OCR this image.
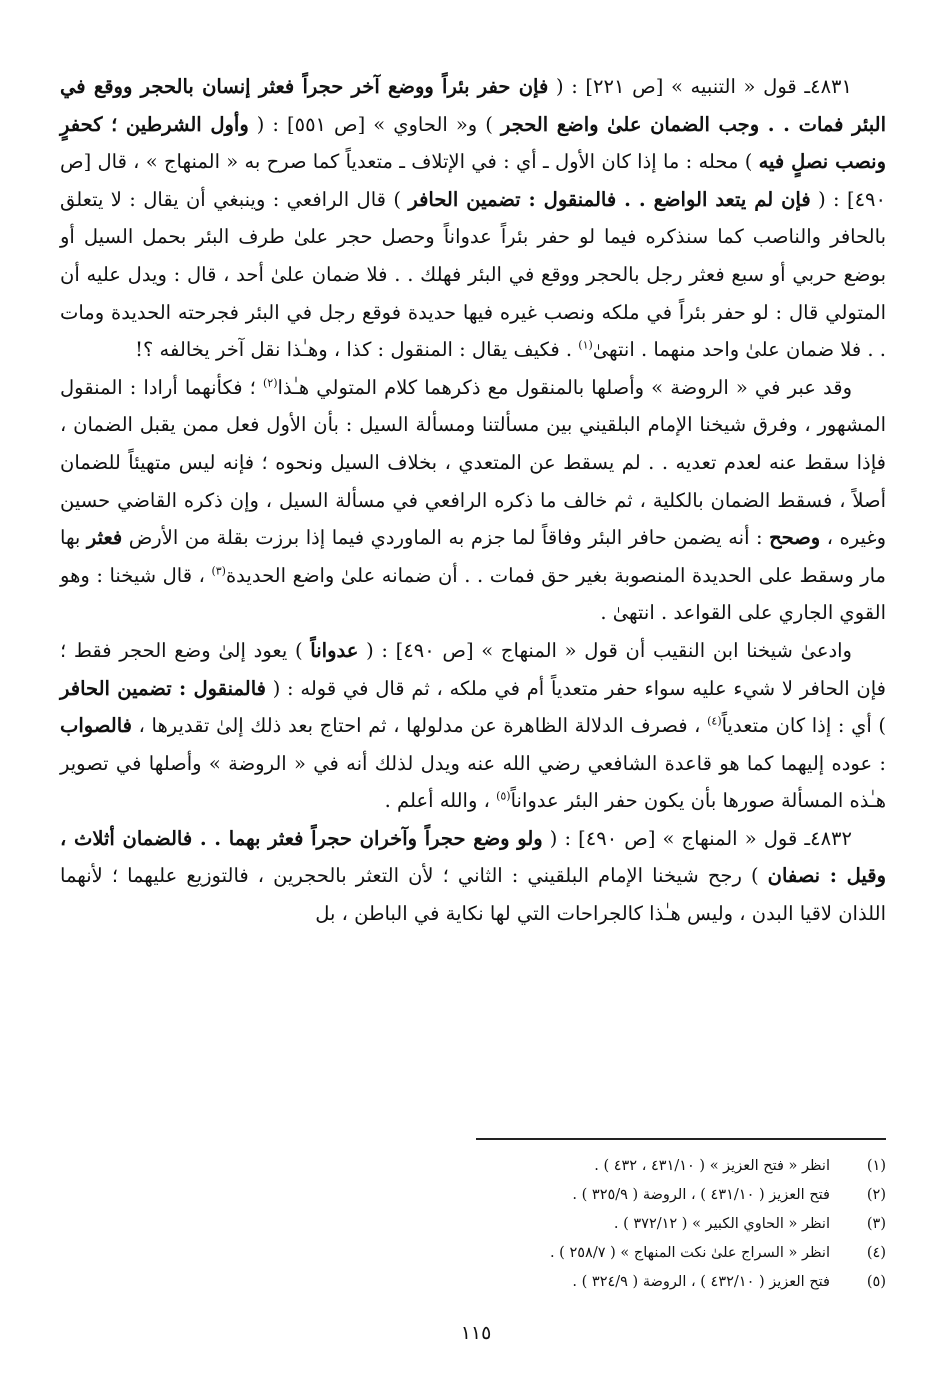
٤٨٣١ـ قول « التنبيه » [ص ٢٢١] : ( فإن حفر بئراً ووضع آخر حجراً فعثر إنسان بالحجر ووقع في البئر فمات . . وجب الضمان علىٰ واضع الحجر ) و« الحاوي » [ص ٥٥١] : ( وأول الشرطين ؛ كحفرٍ ونصب نصلٍ فيه ) محله : ما إذا كان الأول ـ أي : في الإتلاف ـ متعدياً كما صرح به « المنهاج » ، قال [ص ٤٩٠] : ( فإن لم يتعد الواضع . . فالمنقول : تضمين الحافر ) قال الرافعي : وينبغي أن يقال : لا يتعلق بالحافر والناصب كما سنذكره فيما لو حفر بئراً عدواناً وحصل حجر علىٰ طرف البئر بحمل السيل أو بوضع حربي أو سبع فعثر رجل بالحجر ووقع في البئر فهلك . . فلا ضمان علىٰ أحد ، قال : ويدل عليه أن المتولي قال : لو حفر بئراً في ملكه ونصب غيره فيها حديدة فوقع رجل في البئر فجرحته الحديدة ومات . . فلا ضمان علىٰ واحد منهما . انتهىٰ$^{(١)}$ . فكيف يقال : المنقول : كذا ، وهـٰذا نقل آخر يخالفه ؟!

وقد عبر في « الروضة » وأصلها بالمنقول مع ذكرهما كلام المتولي هـٰذا$^{(٢)}$ ؛ فكأنهما أرادا : المنقول المشهور ، وفرق شيخنا الإمام البلقيني بين مسألتنا ومسألة السيل : بأن الأول فعل ممن يقبل الضمان ، فإذا سقط عنه لعدم تعديه . . لم يسقط عن المتعدي ، بخلاف السيل ونحوه ؛ فإنه ليس متهيئاً للضمان أصلاً ، فسقط الضمان بالكلية ، ثم خالف ما ذكره الرافعي في مسألة السيل ، وإن ذكره القاضي حسين وغيره ، وصحح : أنه يضمن حافر البئر وفاقاً لما جزم به الماوردي فيما إذا برزت بقلة من الأرض فعثر بها مار وسقط على الحديدة المنصوبة بغير حق فمات . . أن ضمانه علىٰ واضع الحديدة$^{(٣)}$ ، قال شيخنا : وهو القوي الجاري على القواعد . انتهىٰ .

وادعىٰ شيخنا ابن النقيب أن قول « المنهاج » [ص ٤٩٠] : ( عدواناً ) يعود إلىٰ وضع الحجر فقط ؛ فإن الحافر لا شيء عليه سواء حفر متعدياً أم في ملكه ، ثم قال في قوله : ( فالمنقول : تضمين الحافر ) أي : إذا كان متعدياً$^{(٤)}$ ، فصرف الدلالة الظاهرة عن مدلولها ، ثم احتاج بعد ذلك إلىٰ تقديرها ، فالصواب : عوده إليهما كما هو قاعدة الشافعي رضي الله عنه ويدل لذلك أنه في « الروضة » وأصلها في تصوير هـٰذه المسألة صورها بأن يكون حفر البئر عدواناً$^{(٥)}$ ، والله أعلم .

٤٨٣٢ـ قول « المنهاج » [ص ٤٩٠] : ( ولو وضع حجراً وآخران حجراً فعثر بهما . . فالضمان أثلاث ، وقيل : نصفان ) رجح شيخنا الإمام البلقيني : الثاني ؛ لأن التعثر بالحجرين ، فالتوزيع عليهما ؛ لأنهما اللذان لاقيا البدن ، وليس هـٰذا كالجراحات التي لها نكاية في الباطن ، بل

(١)
انظر « فتح العزيز » ( ٤٣١/١٠ ، ٤٣٢ ) .
(٢)
فتح العزيز ( ٤٣١/١٠ ) ، الروضة ( ٣٢٥/٩ ) .
(٣)
انظر « الحاوي الكبير » ( ٣٧٢/١٢ ) .
(٤)
انظر « السراج علىٰ نكت المنهاج » ( ٢٥٨/٧ ) .
(٥)
فتح العزيز ( ٤٣٢/١٠ ) ، الروضة ( ٣٢٤/٩ ) .
١١٥
